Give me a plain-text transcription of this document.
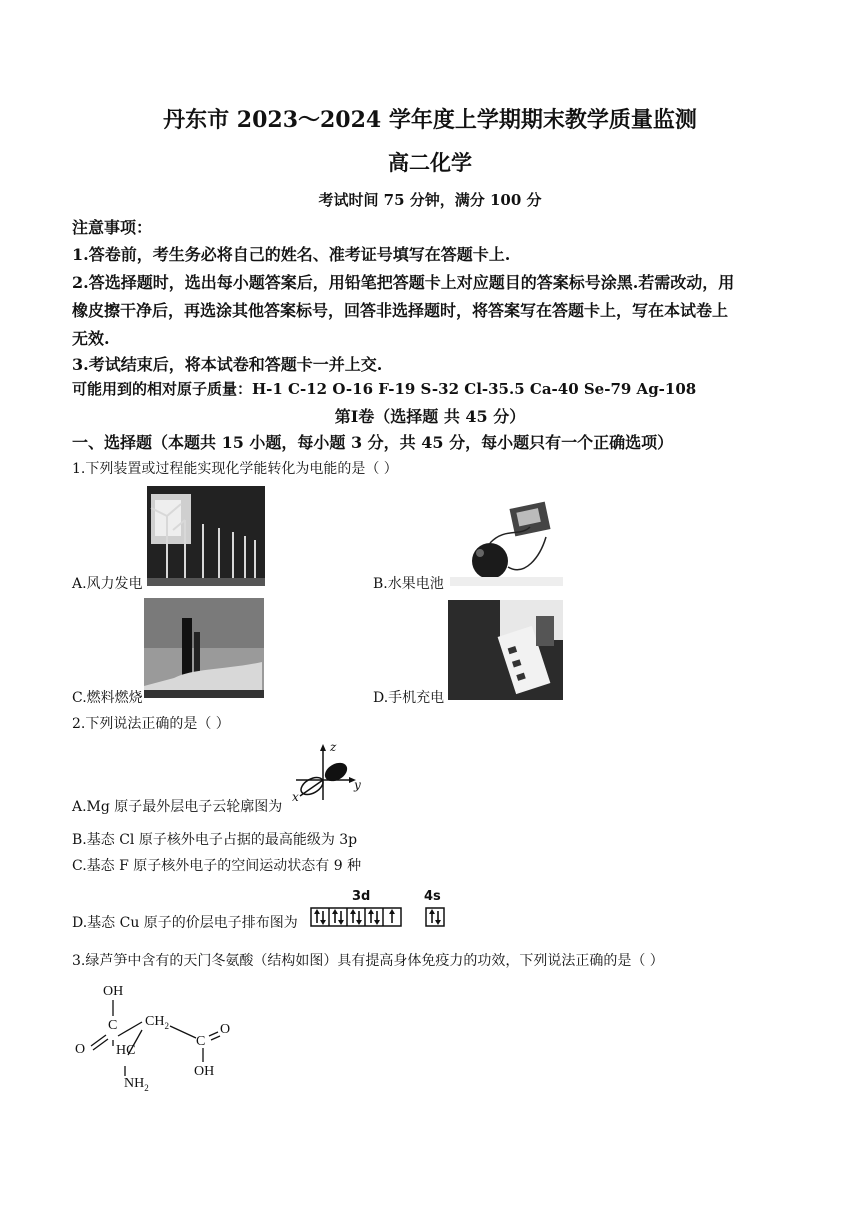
丹东市 2023～2024 学年度上学期期末教学质量监测
高二化学
考试时间 75 分钟，满分 100 分
注意事项：
1.答卷前，考生务必将自己的姓名、准考证号填写在答题卡上.
2.答选择题时，选出每小题答案后，用铅笔把答题卡上对应题目的答案标号涂黑.若需改动，用
橡皮擦干净后，再选涂其他答案标号，回答非选择题时，将答案写在答题卡上，写在本试卷上
无效.
3.考试结束后，将本试卷和答题卡一并上交.
可能用到的相对原子质量：H-1 C-12 O-16 F-19 S-32 Cl-35.5 Ca-40 Se-79 Ag-108
第Ⅰ卷（选择题 共 45 分）
一、选择题（本题共 15 小题，每小题 3 分，共 45 分，每小题只有一个正确选项）
1.下列装置或过程能实现化学能转化为电能的是（ ）
A.风力发电	B.水果电池
C.燃料燃烧	D.手机充电
2.下列说法正确的是（ ）
z
y
x
A.Mg 原子最外层电子云轮廓图为
B.基态 Cl 原子核外电子占据的最高能级为 3p
C.基态 F 原子核外电子的空间运动状态有 9 种
3d	4s
D.基态 Cu 原子的价层电子排布图为
3.绿芦笋中含有的天门冬氨酸（结构如图）具有提高身体免疫力的功效，下列说法正确的是（ ）
OH
C $CH_2$
O HC
C
O
OH
$NH_2$
